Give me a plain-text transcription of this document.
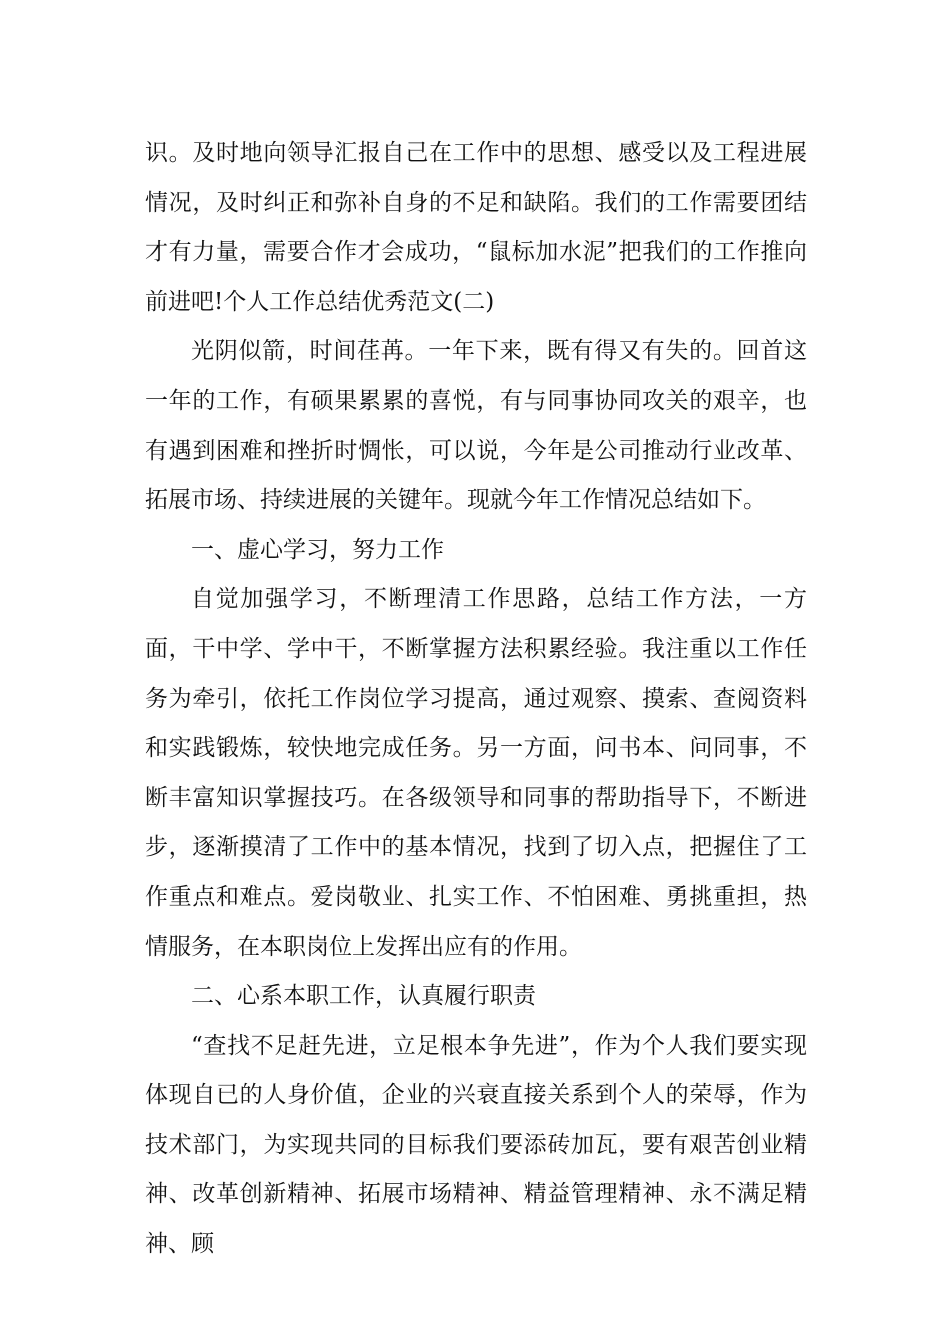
识。及时地向领导汇报自己在工作中的思想、感受以及工程进展情况，及时纠正和弥补自身的不足和缺陷。我们的工作需要团结才有力量，需要合作才会成功，“鼠标加水泥”把我们的工作推向前进吧!个人工作总结优秀范文(二)

光阴似箭，时间荏苒。一年下来，既有得又有失的。回首这一年的工作，有硕果累累的喜悦，有与同事协同攻关的艰辛，也有遇到困难和挫折时惆怅，可以说，今年是公司推动行业改革、拓展市场、持续进展的关键年。现就今年工作情况总结如下。

一、虚心学习，努力工作

自觉加强学习，不断理清工作思路，总结工作方法，一方面，干中学、学中干，不断掌握方法积累经验。我注重以工作任务为牵引，依托工作岗位学习提高，通过观察、摸索、查阅资料和实践锻炼，较快地完成任务。另一方面，问书本、问同事，不断丰富知识掌握技巧。在各级领导和同事的帮助指导下，不断进步，逐渐摸清了工作中的基本情况，找到了切入点，把握住了工作重点和难点。爱岗敬业、扎实工作、不怕困难、勇挑重担，热情服务，在本职岗位上发挥出应有的作用。

二、心系本职工作，认真履行职责

“查找不足赶先进，立足根本争先进”，作为个人我们要实现体现自已的人身价值，企业的兴衰直接关系到个人的荣辱，作为技术部门，为实现共同的目标我们要添砖加瓦，要有艰苦创业精神、改革创新精神、拓展市场精神、精益管理精神、永不满足精神、顾
